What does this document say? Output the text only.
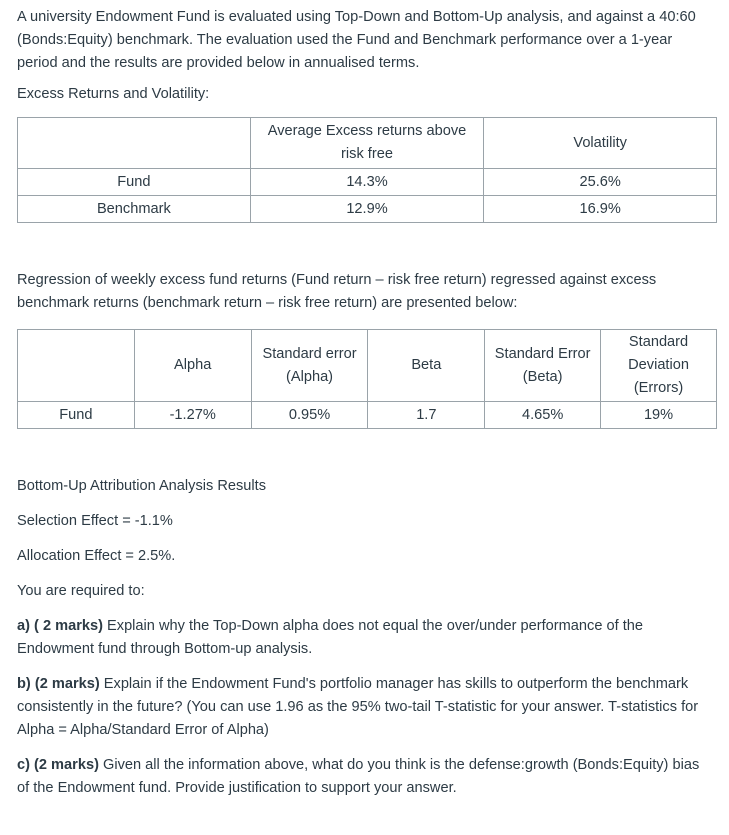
A university Endowment Fund is evaluated using Top-Down and Bottom-Up analysis, and against a 40:60 (Bonds:Equity) benchmark. The evaluation used the Fund and Benchmark performance over a 1-year period and the results are provided below in annualised terms.

Excess Returns and Volatility:

	Average Excess returns above risk free	Volatility
Fund	14.3%	25.6%
Benchmark	12.9%	16.9%

Regression of weekly excess fund returns (Fund return – risk free return) regressed against excess benchmark returns (benchmark return – risk free return) are presented below:

	Alpha	Standard error (Alpha)	Beta	Standard Error (Beta)	Standard Deviation (Errors)
Fund	-1.27%	0.95%	1.7	4.65%	19%

Bottom-Up Attribution Analysis Results

Selection Effect = -1.1%

Allocation Effect = 2.5%.

You are required to:

a) ( 2 marks) Explain why the Top-Down alpha does not equal the over/under performance of the Endowment fund through Bottom-up analysis.

b) (2 marks) Explain if the Endowment Fund's portfolio manager has skills to outperform the benchmark consistently in the future? (You can use 1.96 as the 95% two-tail T-statistic for your answer. T-statistics for Alpha = Alpha/Standard Error of Alpha)

c) (2 marks) Given all the information above, what do you think is the defense:growth (Bonds:Equity) bias of the Endowment fund. Provide justification to support your answer.
